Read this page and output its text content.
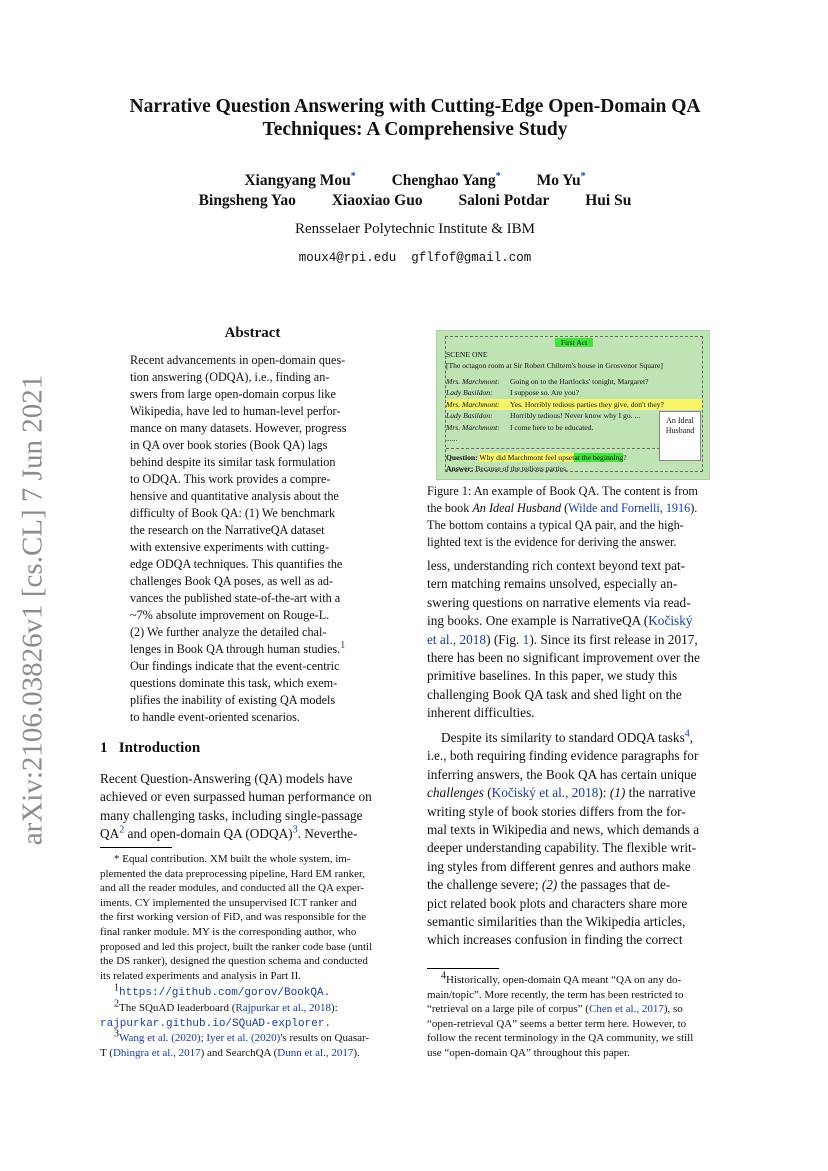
arXiv:2106.03826v1 [cs.CL] 7 Jun 2021
Narrative Question Answering with Cutting-Edge Open-Domain QA
Techniques: A Comprehensive Study
Xiangyang Mou* Chenghao Yang* Mo Yu*
Bingsheng Yao Xiaoxiao Guo Saloni Potdar Hui Su
Rensselaer Polytechnic Institute & IBM
moux4@rpi.edu  gflfof@gmail.com
Abstract
Recent advancements in open-domain ques-
tion answering (ODQA), i.e., finding an-
swers from large open-domain corpus like
Wikipedia, have led to human-level perfor-
mance on many datasets. However, progress
in QA over book stories (Book QA) lags
behind despite its similar task formulation
to ODQA. This work provides a compre-
hensive and quantitative analysis about the
difficulty of Book QA: (1) We benchmark
the research on the NarrativeQA dataset
with extensive experiments with cutting-
edge ODQA techniques. This quantifies the
challenges Book QA poses, as well as ad-
vances the published state-of-the-art with a
~7% absolute improvement on Rouge-L.
(2) We further analyze the detailed chal-
lenges in Book QA through human studies.$^1$
Our findings indicate that the event-centric
questions dominate this task, which exem-
plifies the inability of existing QA models
to handle event-oriented scenarios.
1 Introduction
Recent Question-Answering (QA) models have
achieved or even surpassed human performance on
many challenging tasks, including single-passage
$QA^2$ and open-domain QA (ODQA)$^3$. Neverthe-
* Equal contribution. XM built the whole system, im-
plemented the data preprocessing pipeline, Hard EM ranker,
and all the reader modules, and conducted all the QA exper-
iments. CY implemented the unsupervised ICT ranker and
the first working version of FiD, and was responsible for the
final ranker module. MY is the corresponding author, who
proposed and led this project, built the ranker code base (until
the DS ranker), designed the question schema and conducted
its related experiments and analysis in Part II.
$^1$https://github.com/gorov/BookQA.
$^2$The SQuAD leaderboard (Rajpurkar et al., 2018):
rajpurkar.github.io/SQuAD-explorer.
$^3$Wang et al. (2020); Iyer et al. (2020)'s results on Quasar-
T (Dhingra et al., 2017) and SearchQA (Dunn et al., 2017).
First Act
SCENE ONE
[The octagon room at Sir Robert Chiltern's house in Grosvenor Square]
Mrs. Marchmont: Going on to the Hartlocks' tonight, Margaret?
Lady Basildon: I suppose so. Are you?
Mrs. Marchmont: Yes. Horribly tedious parties they give, don't they?
Lady Basildon: Horribly tedious! Never know why I go. ...
Mrs. Marchmont: I come here to be educated.
......
Question: Why did Marchmont feel upsetat the beginning?
Answer: Because of the tedious parties.
An Ideal Husband
Figure 1: An example of Book QA. The content is from
the book An Ideal Husband (Wilde and Fornelli, 1916).
The bottom contains a typical QA pair, and the high-
lighted text is the evidence for deriving the answer.
less, understanding rich context beyond text pat-
tern matching remains unsolved, especially an-
swering questions on narrative elements via read-
ing books. One example is NarrativeQA (Kočiský
et al., 2018) (Fig. 1). Since its first release in 2017,
there has been no significant improvement over the
primitive baselines. In this paper, we study this
challenging Book QA task and shed light on the
inherent difficulties.
Despite its similarity to standard ODQA tasks$^4$,
i.e., both requiring finding evidence paragraphs for
inferring answers, the Book QA has certain unique
challenges (Kočiský et al., 2018): (1) the narrative
writing style of book stories differs from the for-
mal texts in Wikipedia and news, which demands a
deeper understanding capability. The flexible writ-
ing styles from different genres and authors make
the challenge severe; (2) the passages that de-
pict related book plots and characters share more
semantic similarities than the Wikipedia articles,
which increases confusion in finding the correct
$^4$Historically, open-domain QA meant “QA on any do-
main/topic”. More recently, the term has been restricted to
“retrieval on a large pile of corpus” (Chen et al., 2017), so
“open-retrieval QA” seems a better term here. However, to
follow the recent terminology in the QA community, we still
use “open-domain QA” throughout this paper.
